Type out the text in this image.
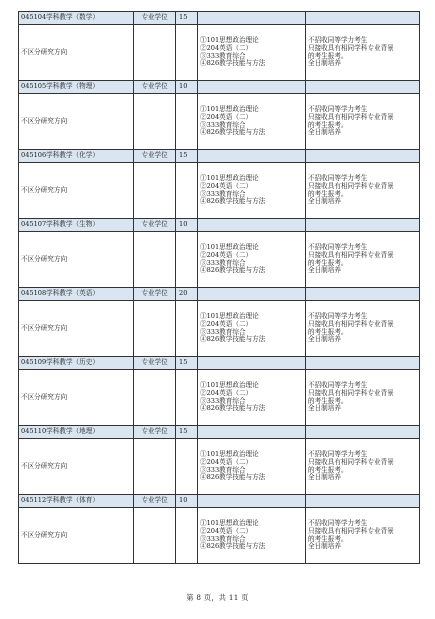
045104学科教学（数学）	专业学位	15		
不区分研究方向			①101思想政治理论
②204英语（二）
③333教育综合
④826教学技能与方法	不招收同等学力考生
只接收具有相同学科专业背景
的考生报考。
全日制培养

045105学科教学（物理）	专业学位	10		
不区分研究方向			①101思想政治理论
②204英语（二）
③333教育综合
④826教学技能与方法	不招收同等学力考生
只接收具有相同学科专业背景
的考生报考。
全日制培养

045106学科教学（化学）	专业学位	15		
不区分研究方向			①101思想政治理论
②204英语（二）
③333教育综合
④826教学技能与方法	不招收同等学力考生
只接收具有相同学科专业背景
的考生报考。
全日制培养

045107学科教学（生物）	专业学位	10		
不区分研究方向			①101思想政治理论
②204英语（二）
③333教育综合
④826教学技能与方法	不招收同等学力考生
只接收具有相同学科专业背景
的考生报考。
全日制培养

045108学科教学（英语）	专业学位	20		
不区分研究方向			①101思想政治理论
②204英语（二）
③333教育综合
④826教学技能与方法	不招收同等学力考生
只接收具有相同学科专业背景
的考生报考。
全日制培养

045109学科教学（历史）	专业学位	15		
不区分研究方向			①101思想政治理论
②204英语（二）
③333教育综合
④826教学技能与方法	不招收同等学力考生
只接收具有相同学科专业背景
的考生报考。
全日制培养

045110学科教学（地理）	专业学位	15		
不区分研究方向			①101思想政治理论
②204英语（二）
③333教育综合
④826教学技能与方法	不招收同等学力考生
只接收具有相同学科专业背景
的考生报考。
全日制培养

045112学科教学（体育）	专业学位	10		
不区分研究方向			①101思想政治理论
②204英语（二）
③333教育综合
④826教学技能与方法	不招收同等学力考生
只接收具有相同学科专业背景
的考生报考。
全日制培养
第 8 页，共 11 页
